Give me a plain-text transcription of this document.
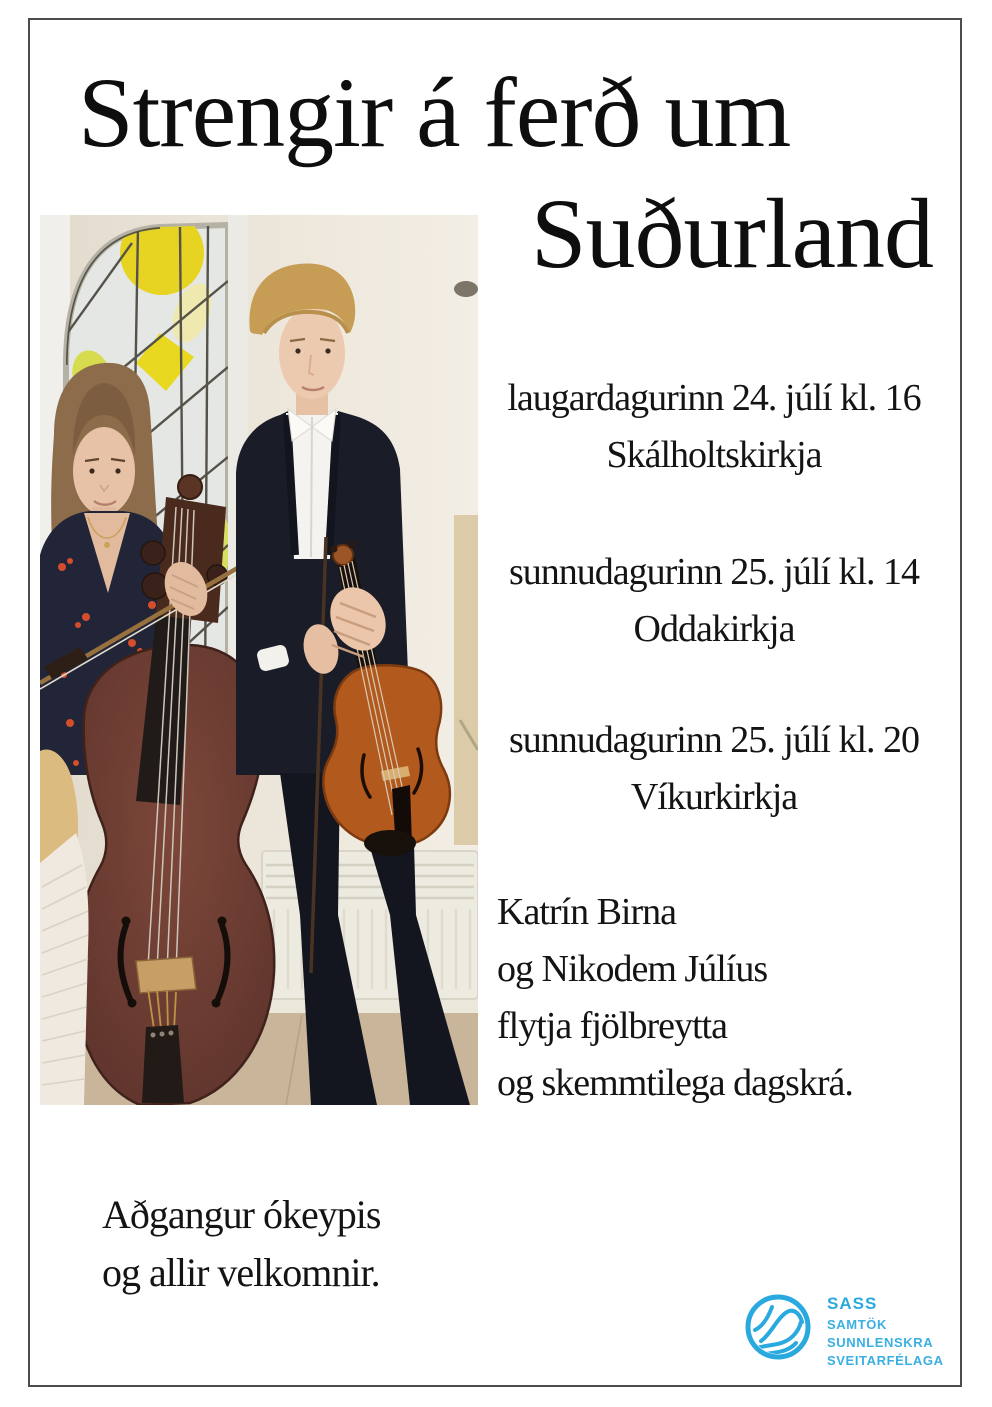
Strengir á ferð um
Suðurland
laugardagurinn 24. júlí kl. 16
Skálholtskirkja
sunnudagurinn 25. júlí kl. 14
Oddakirkja
sunnudagurinn 25. júlí kl. 20
Víkurkirkja
Katrín Birna
og Nikodem Júlíus
flytja fjölbreytta
og skemmtilega dagskrá.
Aðgangur ókeypis
og allir velkomnir.
SASS
SAMTÖK
SUNNLENSKRA
SVEITARFÉLAGA
